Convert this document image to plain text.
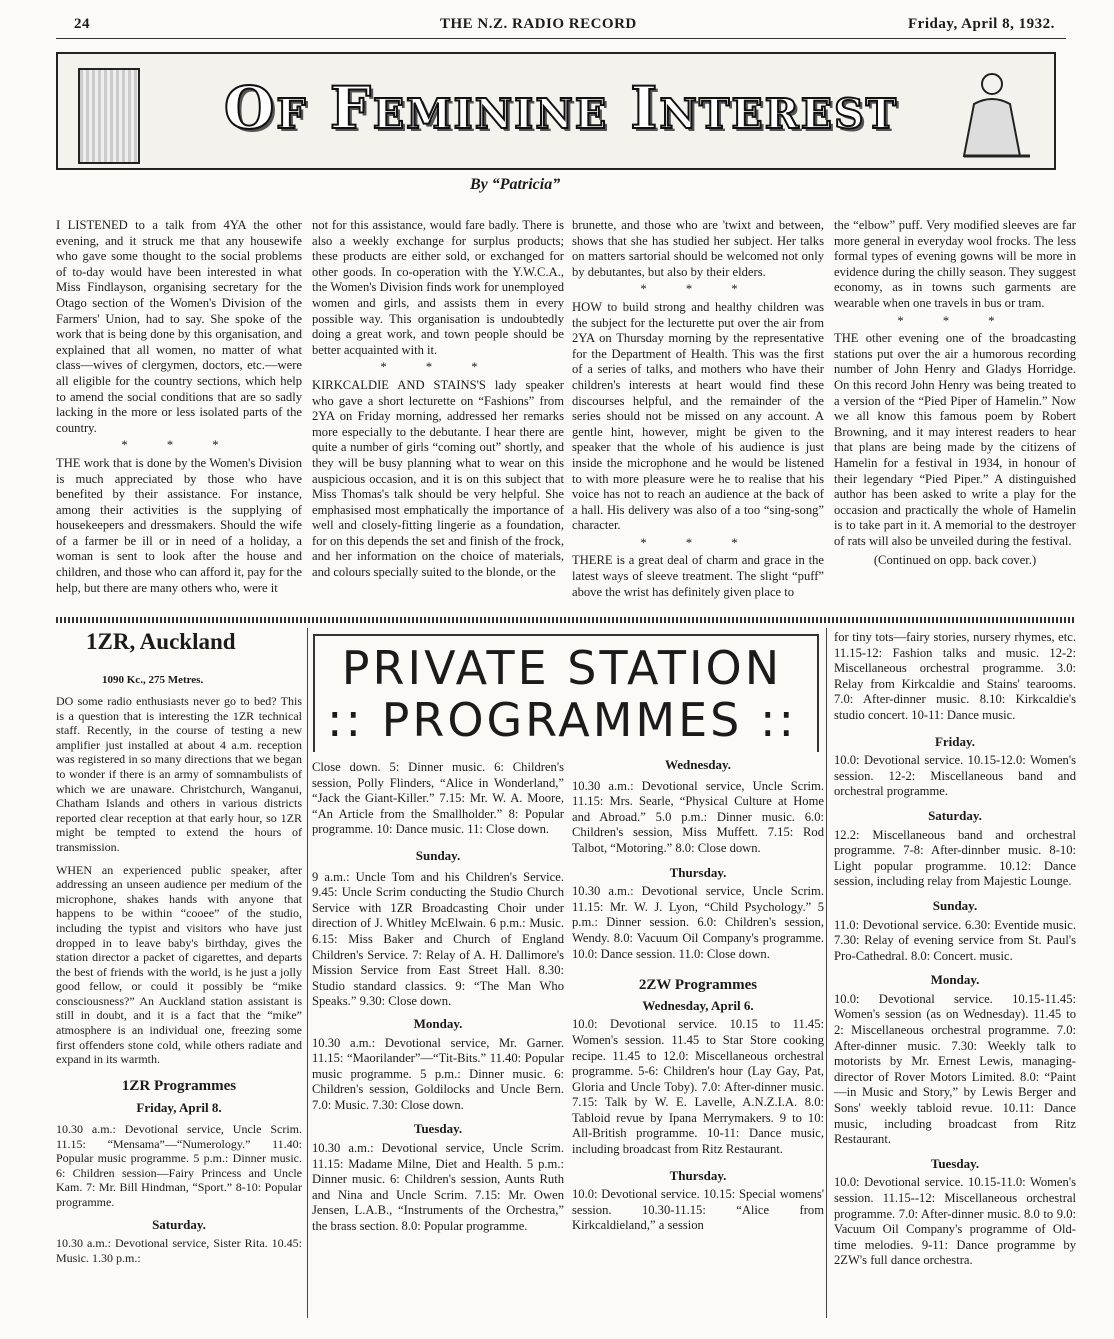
24	THE N.Z. RADIO RECORD	Friday, April 8, 1932.
Of Feminine Interest
By “Patricia”

I LISTENED to a talk from 4YA the other evening, and it struck me that any housewife who gave some thought to the social problems of to-day would have been interested in what Miss Findlayson, organising secretary for the Otago section of the Women's Division of the Farmers' Union, had to say. She spoke of the work that is being done by this organisation, and explained that all women, no matter of what class—wives of clergymen, doctors, etc.—were all eligible for the country sections, which help to amend the social conditions that are so sadly lacking in the more or less isolated parts of the country.

* * *

THE work that is done by the Women's Division is much appreciated by those who have benefited by their assistance. For instance, among their activities is the supplying of housekeepers and dressmakers. Should the wife of a farmer be ill or in need of a holiday, a woman is sent to look after the house and children, and those who can afford it, pay for the help, but there are many others who, were it

not for this assistance, would fare badly. There is also a weekly exchange for surplus products; these products are either sold, or exchanged for other goods. In co-operation with the Y.W.C.A., the Women's Division finds work for unemployed women and girls, and assists them in every possible way. This organisation is undoubtedly doing a great work, and town people should be better acquainted with it.

* * *

KIRKCALDIE AND STAINS'S lady speaker who gave a short lecturette on “Fashions” from 2YA on Friday morning, addressed her remarks more especially to the debutante. I hear there are quite a number of girls “coming out” shortly, and they will be busy planning what to wear on this auspicious occasion, and it is on this subject that Miss Thomas's talk should be very helpful. She emphasised most emphatically the importance of well and closely-fitting lingerie as a foundation, for on this depends the set and finish of the frock, and her information on the choice of materials, and colours specially suited to the blonde, or the

brunette, and those who are 'twixt and between, shows that she has studied her subject. Her talks on matters sartorial should be welcomed not only by debutantes, but also by their elders.

* * *

HOW to build strong and healthy children was the subject for the lecturette put over the air from 2YA on Thursday morning by the representative for the Department of Health. This was the first of a series of talks, and mothers who have their children's interests at heart would find these discourses helpful, and the remainder of the series should not be missed on any account. A gentle hint, however, might be given to the speaker that the whole of his audience is just inside the microphone and he would be listened to with more pleasure were he to realise that his voice has not to reach an audience at the back of a hall. His delivery was also of a too “sing-song” character.

* * *

THERE is a great deal of charm and grace in the latest ways of sleeve treatment. The slight “puff” above the wrist has definitely given place to

the “elbow” puff. Very modified sleeves are far more general in everyday wool frocks. The less formal types of evening gowns will be more in evidence during the chilly season. They suggest economy, as in towns such garments are wearable when one travels in bus or tram.

* * *

THE other evening one of the broadcasting stations put over the air a humorous recording number of John Henry and Gladys Horridge. On this record John Henry was being treated to a version of the “Pied Piper of Hamelin.” Now we all know this famous poem by Robert Browning, and it may interest readers to hear that plans are being made by the citizens of Hamelin for a festival in 1934, in honour of their legendary “Pied Piper.” A distinguished author has been asked to write a play for the occasion and practically the whole of Hamelin is to take part in it. A memorial to the destroyer of rats will also be unveiled during the festival.

(Continued on opp. back cover.)

1ZR, Auckland
1090 Kc., 275 Metres.

DO some radio enthusiasts never go to bed? This is a question that is interesting the 1ZR technical staff. Recently, in the course of testing a new amplifier just installed at about 4 a.m. reception was registered in so many directions that we began to wonder if there is an army of somnambulists of which we are unaware. Christchurch, Wanganui, Chatham Islands and others in various districts reported clear reception at that early hour, so 1ZR might be tempted to extend the hours of transmission.

WHEN an experienced public speaker, after addressing an unseen audience per medium of the microphone, shakes hands with anyone that happens to be within “cooee” of the studio, including the typist and visitors who have just dropped in to leave baby's birthday, gives the station director a packet of cigarettes, and departs the best of friends with the world, is he just a jolly good fellow, or could it possibly be “mike consciousness?” An Auckland station assistant is still in doubt, and it is a fact that the “mike” atmosphere is an individual one, freezing some first offenders stone cold, while others radiate and expand in its warmth.

1ZR Programmes
Friday, April 8.

10.30 a.m.: Devotional service, Uncle Scrim. 11.15: “Mensama”—“Numerology.” 11.40: Popular music programme. 5 p.m.: Dinner music. 6: Children session—Fairy Princess and Uncle Kam. 7: Mr. Bill Hindman, “Sport.” 8-10: Popular programme.

Saturday.

10.30 a.m.: Devotional service, Sister Rita. 10.45: Music. 1.30 p.m.:

PRIVATE STATION
:: PROGRAMMES ::

Close down. 5: Dinner music. 6: Children's session, Polly Flinders, “Alice in Wonderland,” “Jack the Giant-Killer.” 7.15: Mr. W. A. Moore, “An Article from the Smallholder.” 8: Popular programme. 10: Dance music. 11: Close down.

Sunday.

9 a.m.: Uncle Tom and his Children's Service. 9.45: Uncle Scrim conducting the Studio Church Service with 1ZR Broadcasting Choir under direction of J. Whitley McElwain. 6 p.m.: Music. 6.15: Miss Baker and Church of England Children's Service. 7: Relay of A. H. Dallimore's Mission Service from East Street Hall. 8.30: Studio standard classics. 9: “The Man Who Speaks.” 9.30: Close down.

Monday.

10.30 a.m.: Devotional service, Mr. Garner. 11.15: “Maorilander”—“Tit-Bits.” 11.40: Popular music programme. 5 p.m.: Dinner music. 6: Children's session, Goldilocks and Uncle Bern. 7.0: Music. 7.30: Close down.

Tuesday.

10.30 a.m.: Devotional service, Uncle Scrim. 11.15: Madame Milne, Diet and Health. 5 p.m.: Dinner music. 6: Children's session, Aunts Ruth and Nina and Uncle Scrim. 7.15: Mr. Owen Jensen, L.A.B., “Instruments of the Orchestra,” the brass section. 8.0: Popular programme.

Wednesday.

10.30 a.m.: Devotional service, Uncle Scrim. 11.15: Mrs. Searle, “Physical Culture at Home and Abroad.” 5.0 p.m.: Dinner music. 6.0: Children's session, Miss Muffett. 7.15: Rod Talbot, “Motoring.” 8.0: Close down.

Thursday.

10.30 a.m.: Devotional service, Uncle Scrim. 11.15: Mr. W. J. Lyon, “Child Psychology.” 5 p.m.: Dinner session. 6.0: Children's session, Wendy. 8.0: Vacuum Oil Company's programme. 10.0: Dance session. 11.0: Close down.

2ZW Programmes
Wednesday, April 6.

10.0: Devotional service. 10.15 to 11.45: Women's session. 11.45 to Star Store cooking recipe. 11.45 to 12.0: Miscellaneous orchestral programme. 5-6: Children's hour (Lay Gay, Pat, Gloria and Uncle Toby). 7.0: After-dinner music. 7.15: Talk by W. E. Lavelle, A.N.Z.I.A. 8.0: Tabloid revue by Ipana Merrymakers. 9 to 10: All-British programme. 10-11: Dance music, including broadcast from Ritz Restaurant.

Thursday.

10.0: Devotional service. 10.15: Special womens' session. 10.30-11.15: “Alice from Kirkcaldieland,” a session

for tiny tots—fairy stories, nursery rhymes, etc. 11.15-12: Fashion talks and music. 12-2: Miscellaneous orchestral programme. 3.0: Relay from Kirkcaldie and Stains' tearooms. 7.0: After-dinner music. 8.10: Kirkcaldie's studio concert. 10-11: Dance music.

Friday.

10.0: Devotional service. 10.15-12.0: Women's session. 12-2: Miscellaneous band and orchestral programme.

Saturday.

12.2: Miscellaneous band and orchestral programme. 7-8: After-dinnber music. 8-10: Light popular programme. 10.12: Dance session, including relay from Majestic Lounge.

Sunday.

11.0: Devotional service. 6.30: Eventide music. 7.30: Relay of evening service from St. Paul's Pro-Cathedral. 8.0: Concert. music.

Monday.

10.0: Devotional service. 10.15-11.45: Women's session (as on Wednesday). 11.45 to 2: Miscellaneous orchestral programme. 7.0: After-dinner music. 7.30: Weekly talk to motorists by Mr. Ernest Lewis, managing-director of Rover Motors Limited. 8.0: “Paint—in Music and Story,” by Lewis Berger and Sons' weekly tabloid revue. 10.11: Dance music, including broadcast from Ritz Restaurant.

Tuesday.

10.0: Devotional service. 10.15-11.0: Women's session. 11.15--12: Miscellaneous orchestral programme. 7.0: After-dinner music. 8.0 to 9.0: Vacuum Oil Company's programme of Old-time melodies. 9-11: Dance programme by 2ZW's full dance orchestra.
